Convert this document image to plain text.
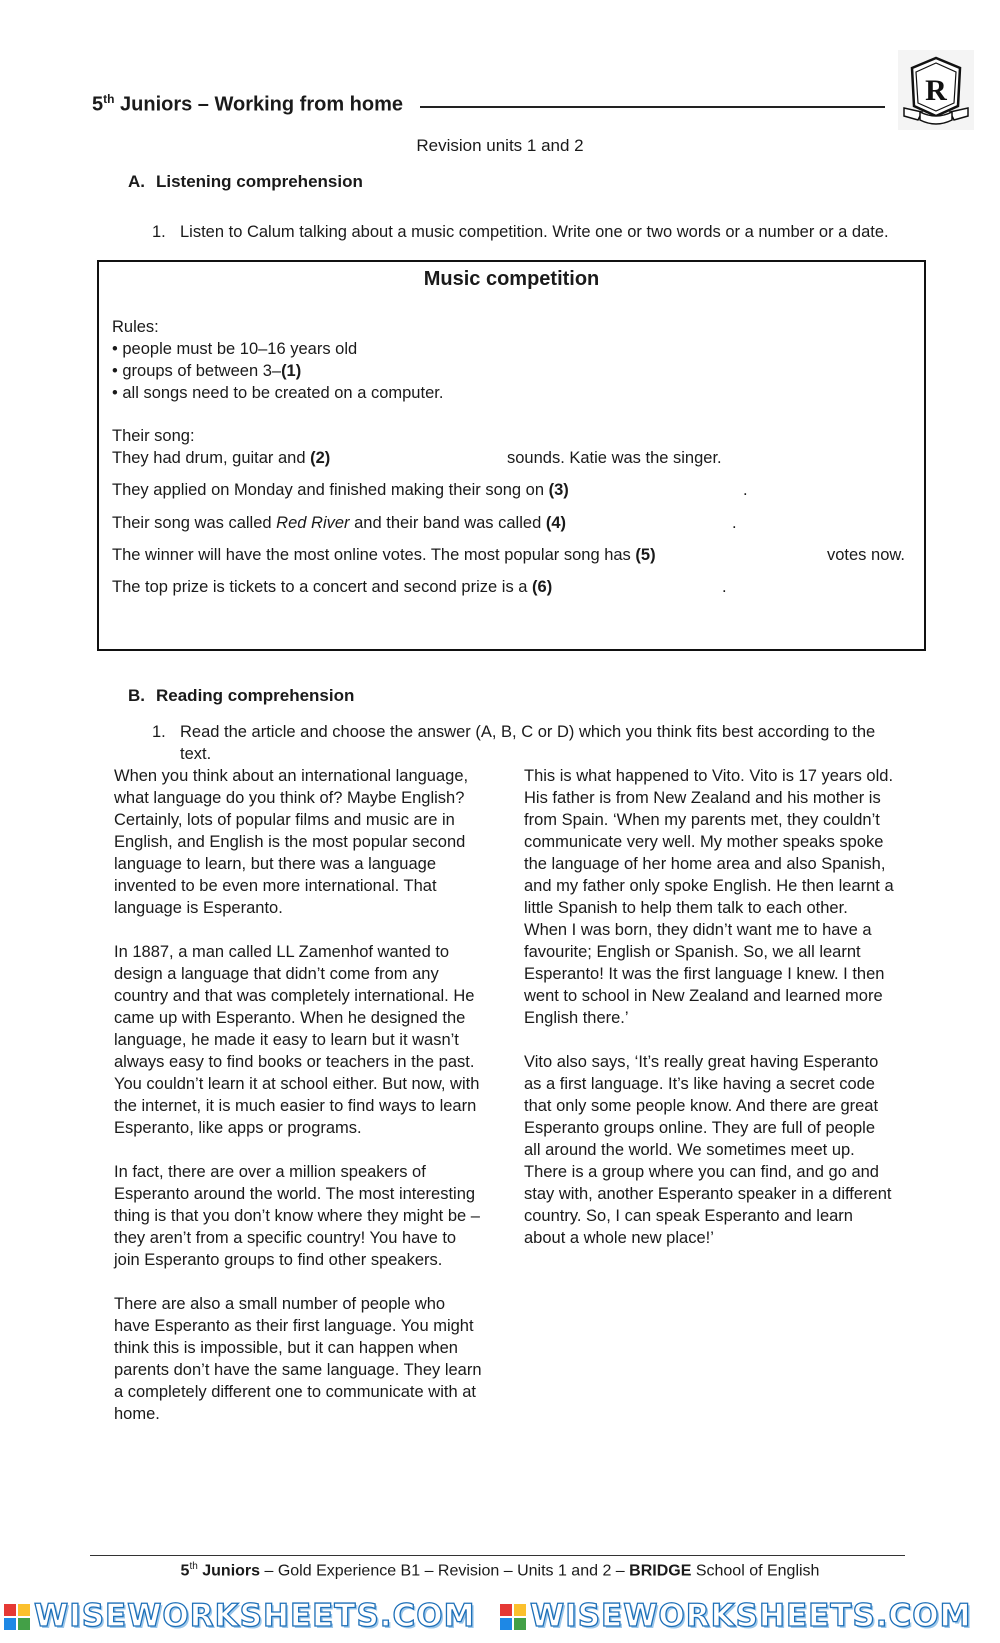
5th Juniors – Working from home	R
Revision units 1 and 2
A. Listening comprehension
1. Listen to Calum talking about a music competition. Write one or two words or a number or a date.
Music competition
Rules:
• people must be 10–16 years old
• groups of between 3–(1)
• all songs need to be created on a computer.
Their song:
They had drum, guitar and (2)	sounds. Katie was the singer.
They applied on Monday and finished making their song on (3)	.
Their song was called Red River and their band was called (4)	.
The winner will have the most online votes. The most popular song has (5)	votes now.
The top prize is tickets to a concert and second prize is a (6)	.
B. Reading comprehension
1. Read the article and choose the answer (A, B, C or D) which you think fits best according to the
text.

When you think about an international language, what language do you think of? Maybe English? Certainly, lots of popular films and music are in English, and English is the most popular second language to learn, but there was a language invented to be even more international. That language is Esperanto.

In 1887, a man called LL Zamenhof wanted to design a language that didn’t come from any country and that was completely international. He came up with Esperanto. When he designed the language, he made it easy to learn but it wasn’t always easy to find books or teachers in the past. You couldn’t learn it at school either. But now, with the internet, it is much easier to find ways to learn Esperanto, like apps or programs.

In fact, there are over a million speakers of Esperanto around the world. The most interesting thing is that you don’t know where they might be – they aren’t from a specific country! You have to join Esperanto groups to find other speakers.

There are also a small number of people who have Esperanto as their first language. You might think this is impossible, but it can happen when parents don’t have the same language. They learn a completely different one to communicate with at home.

This is what happened to Vito. Vito is 17 years old. His father is from New Zealand and his mother is from Spain. ‘When my parents met, they couldn’t communicate very well. My mother speaks spoke the language of her home area and also Spanish, and my father only spoke English. He then learnt a little Spanish to help them talk to each other. When I was born, they didn’t want me to have a favourite; English or Spanish. So, we all learnt Esperanto! It was the first language I knew. I then went to school in New Zealand and learned more English there.’

Vito also says, ‘It’s really great having Esperanto as a first language. It’s like having a secret code that only some people know. And there are great Esperanto groups online. They are full of people all around the world. We sometimes meet up. There is a group where you can find, and go and stay with, another Esperanto speaker in a different country. So, I can speak Esperanto and learn about a whole new place!’

5th Juniors – Gold Experience B1 – Revision – Units 1 and 2 – BRIDGE School of English
WISEWORKSHEETS.COM WISEWORKSHEETS.COM
